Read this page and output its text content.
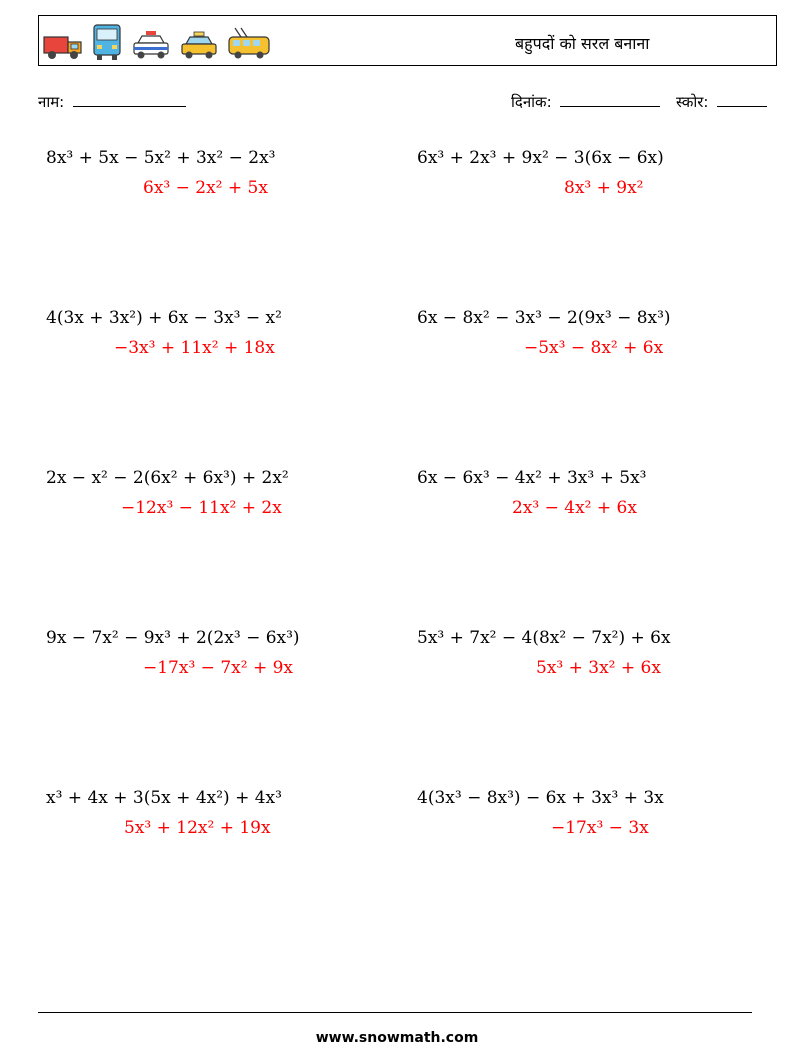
बहुपदों को सरल बनाना
नाम:	दिनांक:	स्कोर:
8x³ + 5x − 5x² + 3x² − 2x³
6x³ − 2x² + 5x
6x³ + 2x³ + 9x² − 3(6x − 6x)
8x³ + 9x²
4(3x + 3x²) + 6x − 3x³ − x²
−3x³ + 11x² + 18x
6x − 8x² − 3x³ − 2(9x³ − 8x³)
−5x³ − 8x² + 6x
2x − x² − 2(6x² + 6x³) + 2x²
−12x³ − 11x² + 2x
6x − 6x³ − 4x² + 3x³ + 5x³
2x³ − 4x² + 6x
9x − 7x² − 9x³ + 2(2x³ − 6x³)
−17x³ − 7x² + 9x
5x³ + 7x² − 4(8x² − 7x²) + 6x
5x³ + 3x² + 6x
x³ + 4x + 3(5x + 4x²) + 4x³
5x³ + 12x² + 19x
4(3x³ − 8x³) − 6x + 3x³ + 3x
−17x³ − 3x
www.snowmath.com
